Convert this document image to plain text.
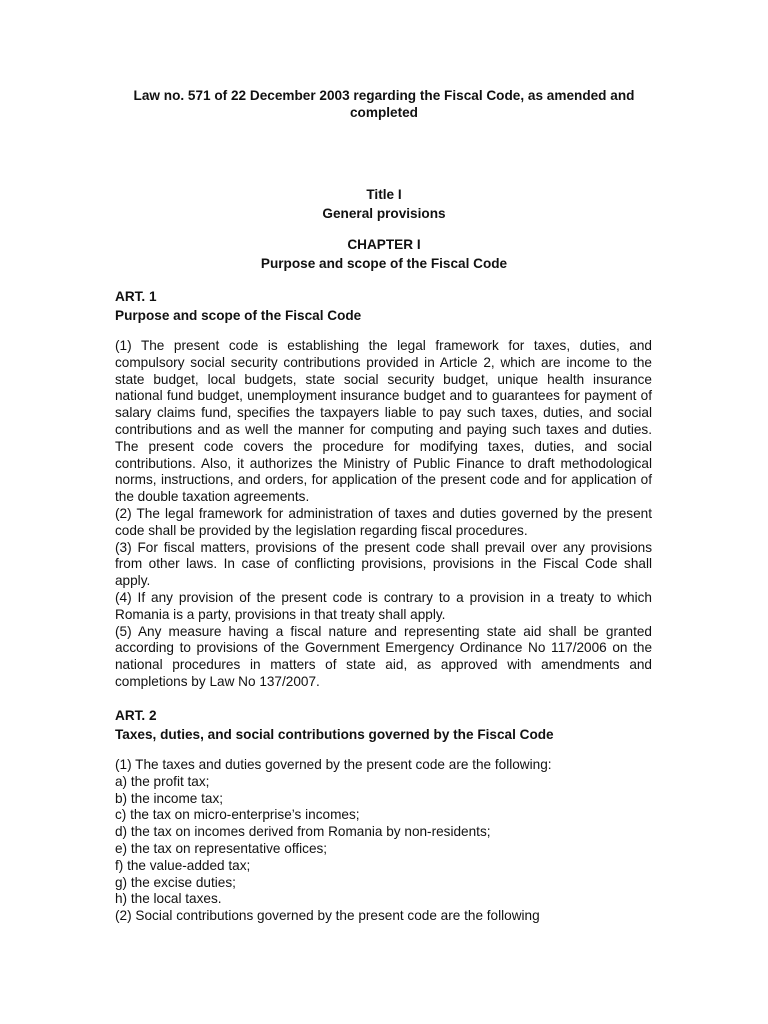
Law no. 571 of 22 December 2003 regarding the Fiscal Code, as amended and completed

Title I
General provisions
CHAPTER I
Purpose and scope of the Fiscal Code
ART. 1
Purpose and scope of the Fiscal Code

(1) The present code is establishing the legal framework for taxes, duties, and compulsory social security contributions provided in Article 2, which are income to the state budget, local budgets, state social security budget, unique health insurance national fund budget, unemployment insurance budget and to guarantees for payment of salary claims fund, specifies the taxpayers liable to pay such taxes, duties, and social contributions and as well the manner for computing and paying such taxes and duties. The present code covers the procedure for modifying taxes, duties, and social contributions. Also, it authorizes the Ministry of Public Finance to draft methodological norms, instructions, and orders, for application of the present code and for application of the double taxation agreements.

(2) The legal framework for administration of taxes and duties governed by the present code shall be provided by the legislation regarding fiscal procedures.

(3) For fiscal matters, provisions of the present code shall prevail over any provisions from other laws. In case of conflicting provisions, provisions in the Fiscal Code shall apply.

(4) If any provision of the present code is contrary to a provision in a treaty to which Romania is a party, provisions in that treaty shall apply.

(5) Any measure having a fiscal nature and representing state aid shall be granted according to provisions of the Government Emergency Ordinance No 117/2006 on the national procedures in matters of state aid, as approved with amendments and completions by Law No 137/2007.

ART. 2
Taxes, duties, and social contributions governed by the Fiscal Code

(1) The taxes and duties governed by the present code are the following:

a) the profit tax;

b) the income tax;

c) the tax on micro-enterprise’s incomes;

d) the tax on incomes derived from Romania by non-residents;

e) the tax on representative offices;

f) the value-added tax;

g) the excise duties;

h) the local taxes.

(2) Social contributions governed by the present code are the following
